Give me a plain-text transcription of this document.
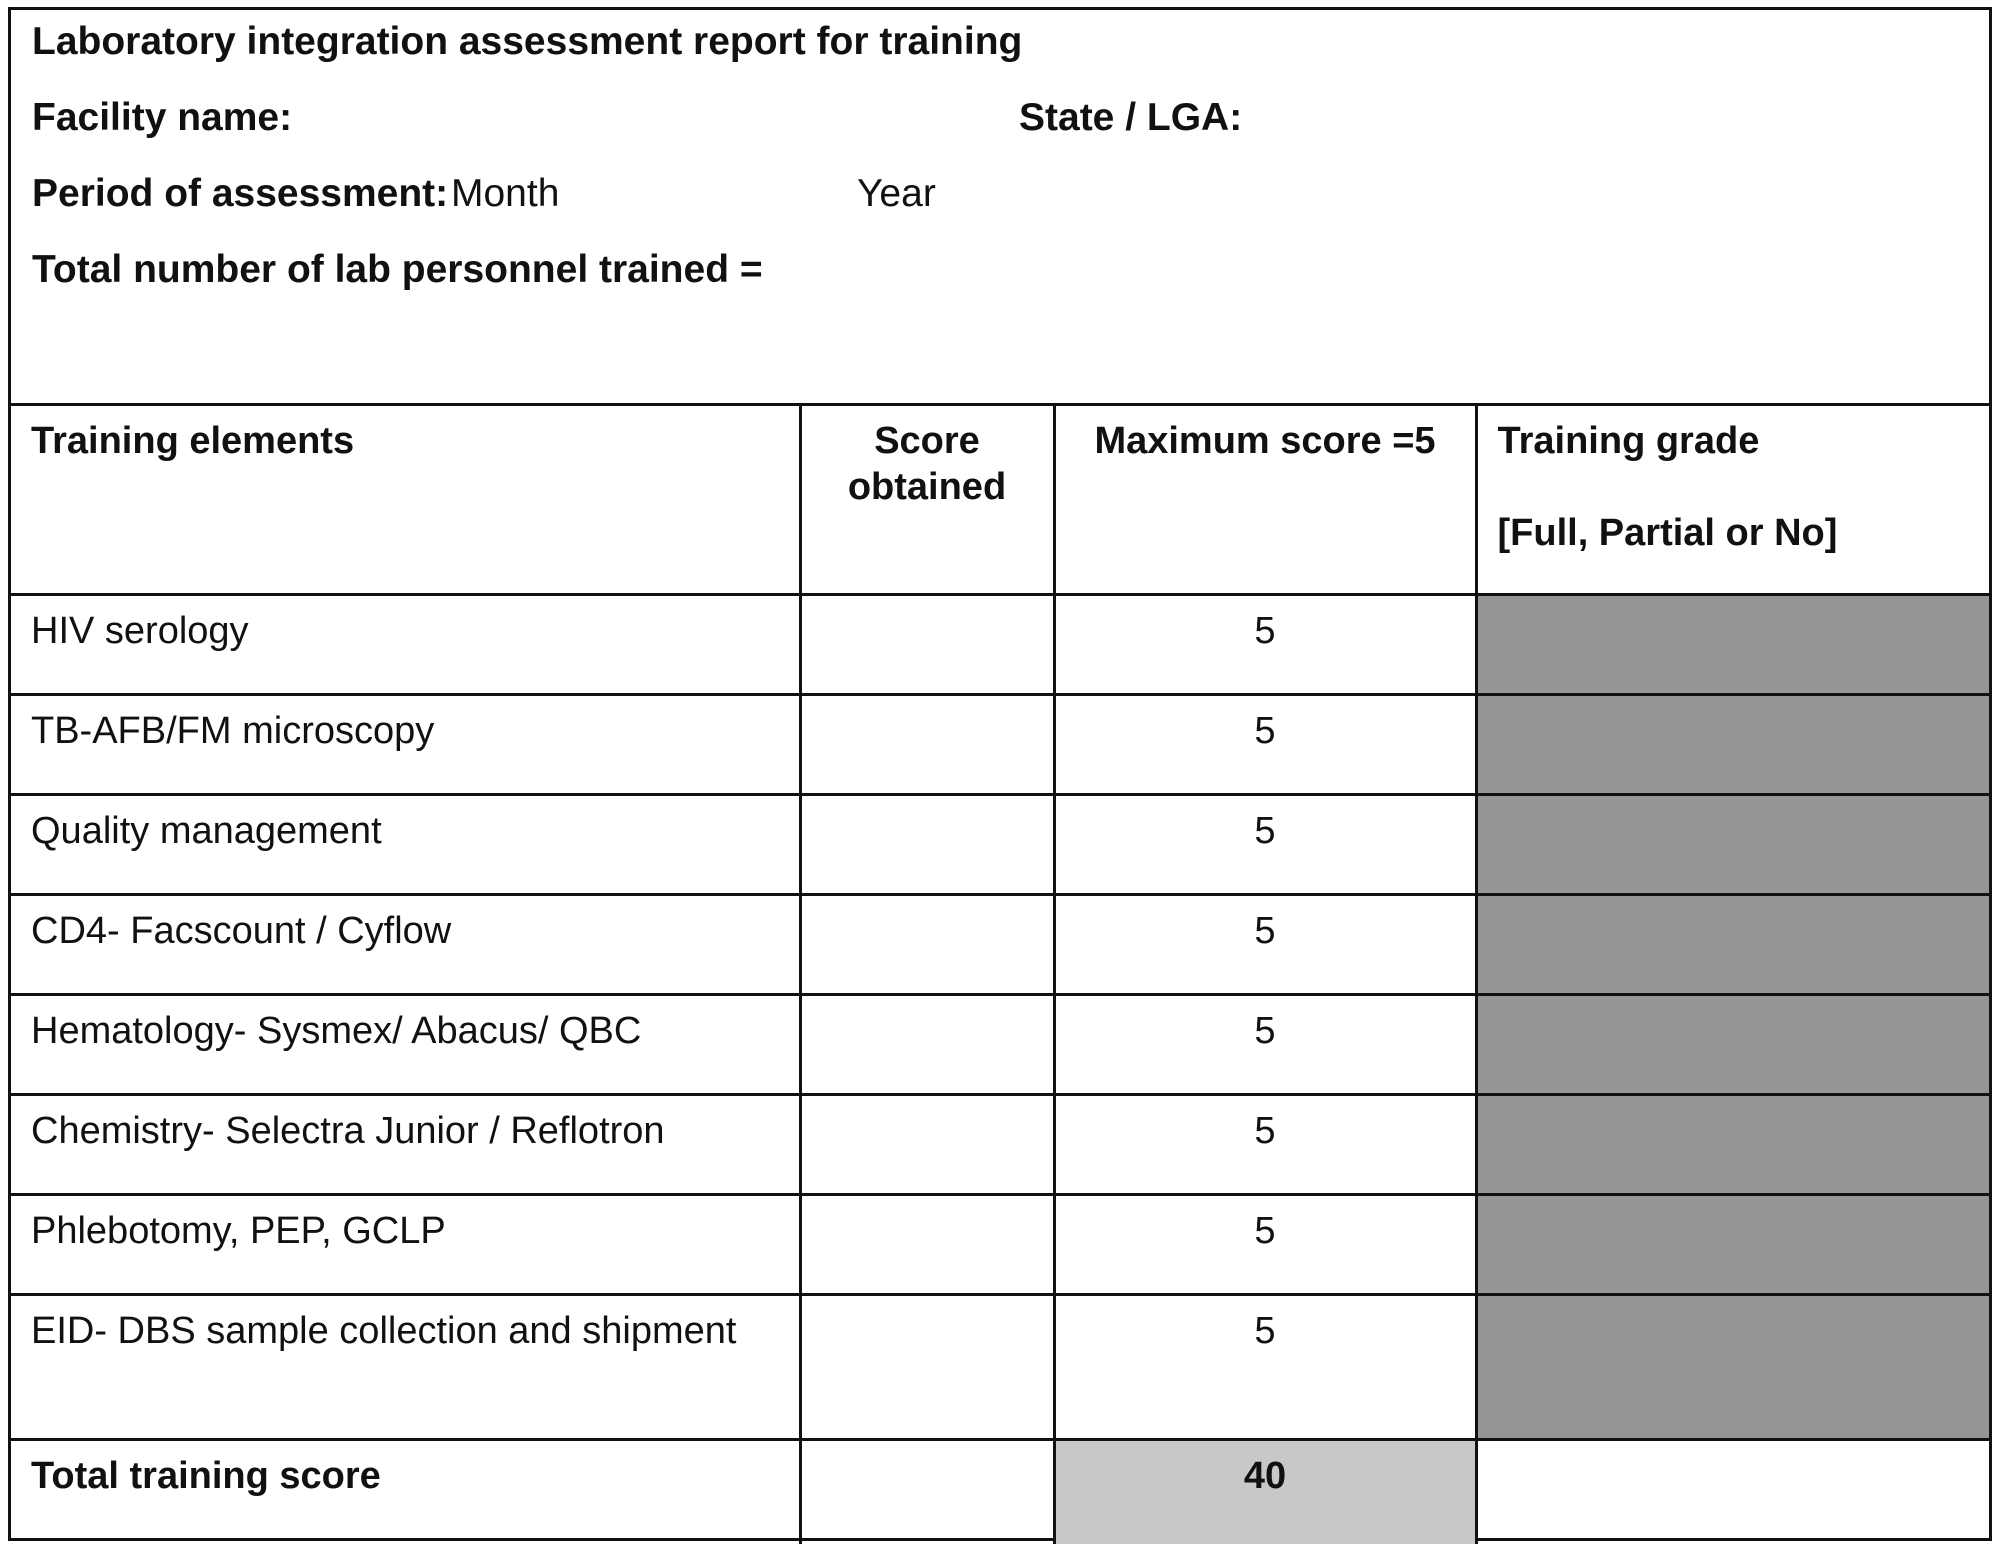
Laboratory integration assessment report for training
Facility name:	State / LGA:
Period of assessment: Month	Year
Total number of lab personnel trained =
Training elements	Score obtained	Maximum score =5	Training grade
[Full, Partial or No]

HIV serology		5	
TB-AFB/FM microscopy		5	
Quality management		5	
CD4- Facscount / Cyflow		5	
Hematology- Sysmex/ Abacus/ QBC		5	
Chemistry- Selectra Junior / Reflotron		5	
Phlebotomy, PEP, GCLP		5	
EID- DBS sample collection and shipment		5	
Total training score		40	
